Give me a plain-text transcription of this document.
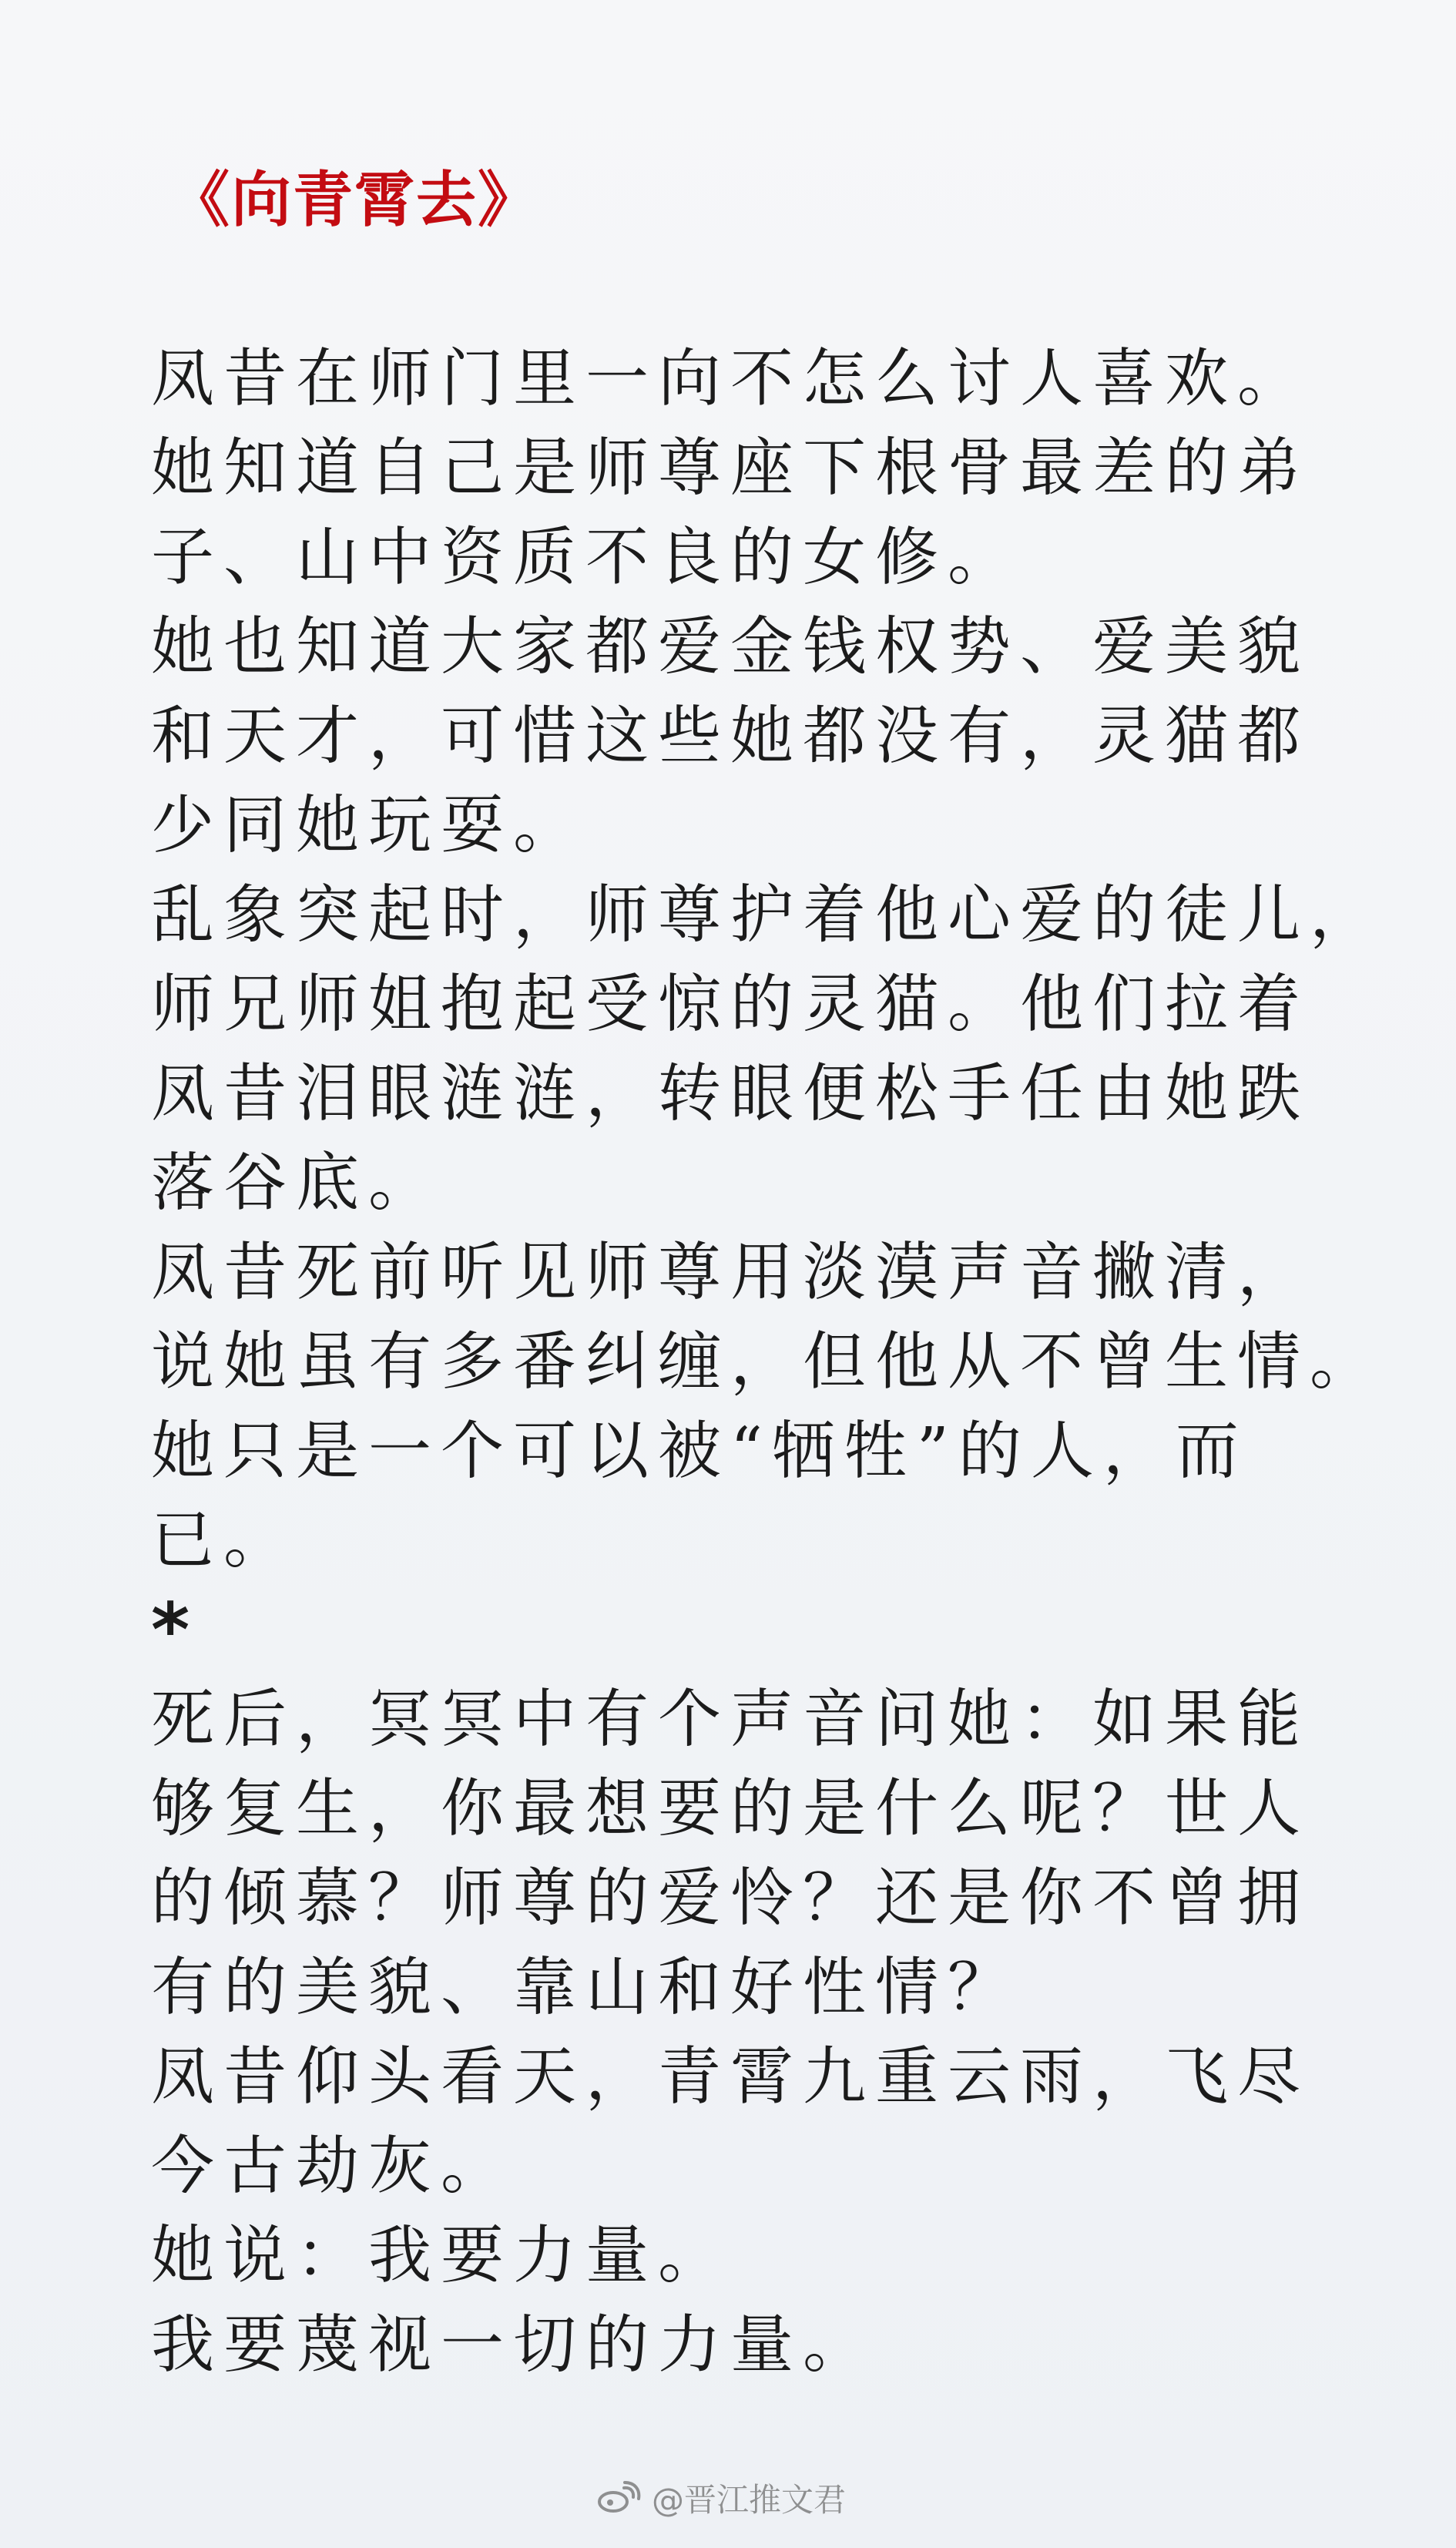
《向青霄去》
凤昔在师门里一向不怎么讨人喜欢。
她知道自己是师尊座下根骨最差的弟
子、山中资质不良的女修。
她也知道大家都爱金钱权势、爱美貌
和天才，可惜这些她都没有，灵猫都
少同她玩耍。
乱象突起时，师尊护着他心爱的徒儿，
师兄师姐抱起受惊的灵猫。他们拉着
凤昔泪眼涟涟，转眼便松手任由她跌
落谷底。
凤昔死前听见师尊用淡漠声音撇清，
说她虽有多番纠缠，但他从不曾生情。
她只是一个可以被“牺牲”的人，而
已。
*
死后，冥冥中有个声音问她：如果能
够复生，你最想要的是什么呢？世人
的倾慕？师尊的爱怜？还是你不曾拥
有的美貌、靠山和好性情？
凤昔仰头看天，青霄九重云雨，飞尽
今古劫灰。
她说：我要力量。
我要蔑视一切的力量。
@晋江推文君
